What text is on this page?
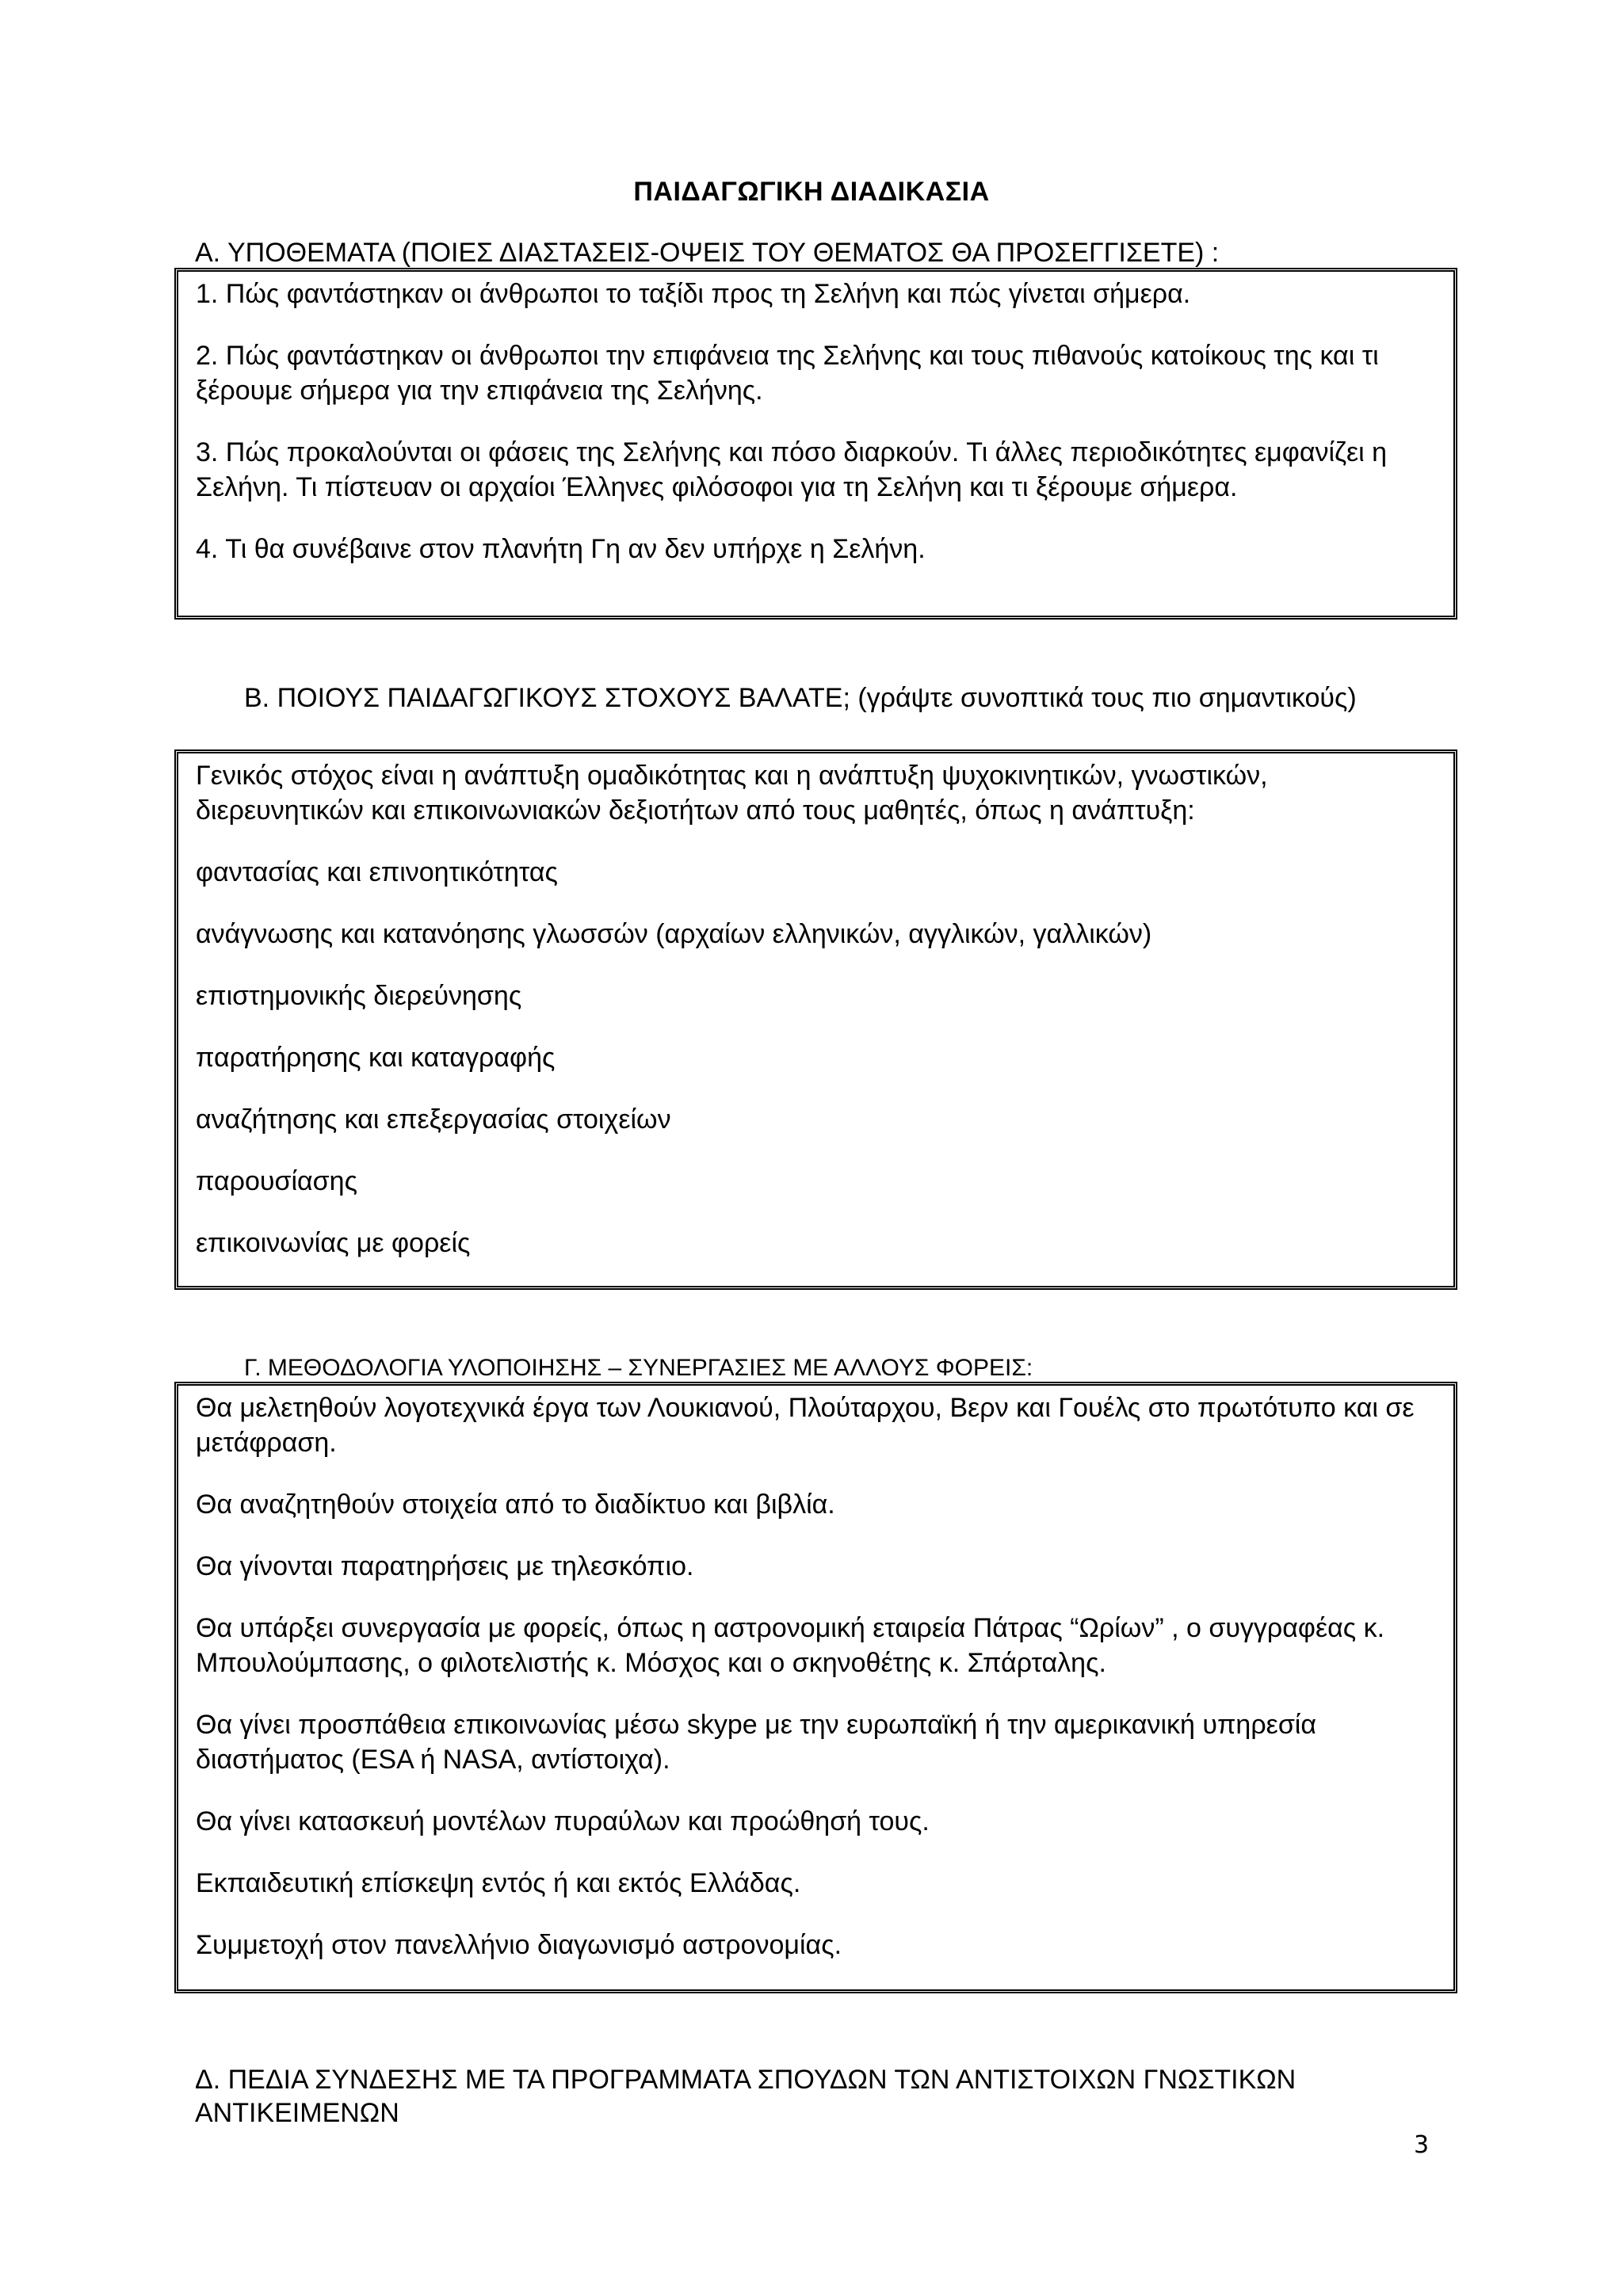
ΠΑΙΔΑΓΩΓΙΚΗ ΔΙΑΔΙΚΑΣΙΑ
Α. ΥΠΟΘΕΜΑΤΑ (ΠΟΙΕΣ ΔΙΑΣΤΑΣΕΙΣ-ΟΨΕΙΣ ΤΟΥ ΘΕΜΑΤΟΣ ΘΑ ΠΡΟΣΕΓΓΙΣΕΤΕ) :

1. Πώς φαντάστηκαν οι άνθρωποι το ταξίδι προς τη Σελήνη και πώς γίνεται σήμερα.

2. Πώς φαντάστηκαν οι άνθρωποι την επιφάνεια της Σελήνης και τους πιθανούς κατοίκους της και τι ξέρουμε σήμερα για την επιφάνεια της Σελήνης.

3. Πώς προκαλούνται οι φάσεις της Σελήνης και πόσο διαρκούν. Τι άλλες περιοδικότητες εμφανίζει η Σελήνη. Τι πίστευαν οι αρχαίοι Έλληνες φιλόσοφοι για τη Σελήνη και τι ξέρουμε σήμερα.

4. Τι θα συνέβαινε στον πλανήτη Γη αν δεν υπήρχε η Σελήνη.

Β. ΠΟΙΟΥΣ ΠΑΙΔΑΓΩΓΙΚΟΥΣ ΣΤΟΧΟΥΣ ΒΑΛΑΤΕ; (γράψτε συνοπτικά τους πιο σημαντικούς)

Γενικός στόχος είναι η ανάπτυξη ομαδικότητας και η ανάπτυξη ψυχοκινητικών, γνωστικών, διερευνητικών και επικοινωνιακών δεξιοτήτων από τους μαθητές, όπως η ανάπτυξη:

φαντασίας και επινοητικότητας

ανάγνωσης και κατανόησης γλωσσών (αρχαίων ελληνικών, αγγλικών, γαλλικών)

επιστημονικής διερεύνησης

παρατήρησης και καταγραφής

αναζήτησης και επεξεργασίας στοιχείων

παρουσίασης

επικοινωνίας με φορείς

Γ. ΜΕΘΟΔΟΛΟΓΙΑ ΥΛΟΠΟΙΗΣΗΣ – ΣΥΝΕΡΓΑΣΙΕΣ ΜΕ ΑΛΛΟΥΣ ΦΟΡΕΙΣ:

Θα μελετηθούν λογοτεχνικά έργα των Λουκιανού, Πλούταρχου, Βερν και Γουέλς στο πρωτότυπο και σε μετάφραση.

Θα αναζητηθούν στοιχεία από το διαδίκτυο και βιβλία.

Θα γίνονται παρατηρήσεις με τηλεσκόπιο.

Θα υπάρξει συνεργασία με φορείς, όπως η αστρονομική εταιρεία Πάτρας “Ωρίων” , ο συγγραφέας κ. Μπουλούμπασης, ο φιλοτελιστής κ. Μόσχος και ο σκηνοθέτης κ. Σπάρταλης.

Θα γίνει προσπάθεια επικοινωνίας μέσω skype με την ευρωπαϊκή ή την αμερικανική υπηρεσία διαστήματος (ESA ή NASA, αντίστοιχα).

Θα γίνει κατασκευή μοντέλων πυραύλων και προώθησή τους.

Εκπαιδευτική επίσκεψη εντός ή και εκτός Ελλάδας.

Συμμετοχή στον πανελλήνιο διαγωνισμό αστρονομίας.

Δ. ΠΕΔΙΑ ΣΥΝΔΕΣΗΣ ΜΕ ΤΑ ΠΡΟΓΡΑΜΜΑΤΑ ΣΠΟΥΔΩΝ ΤΩΝ ΑΝΤΙΣΤΟΙΧΩΝ ΓΝΩΣΤΙΚΩΝ ΑΝΤΙΚΕΙΜΕΝΩΝ
3
